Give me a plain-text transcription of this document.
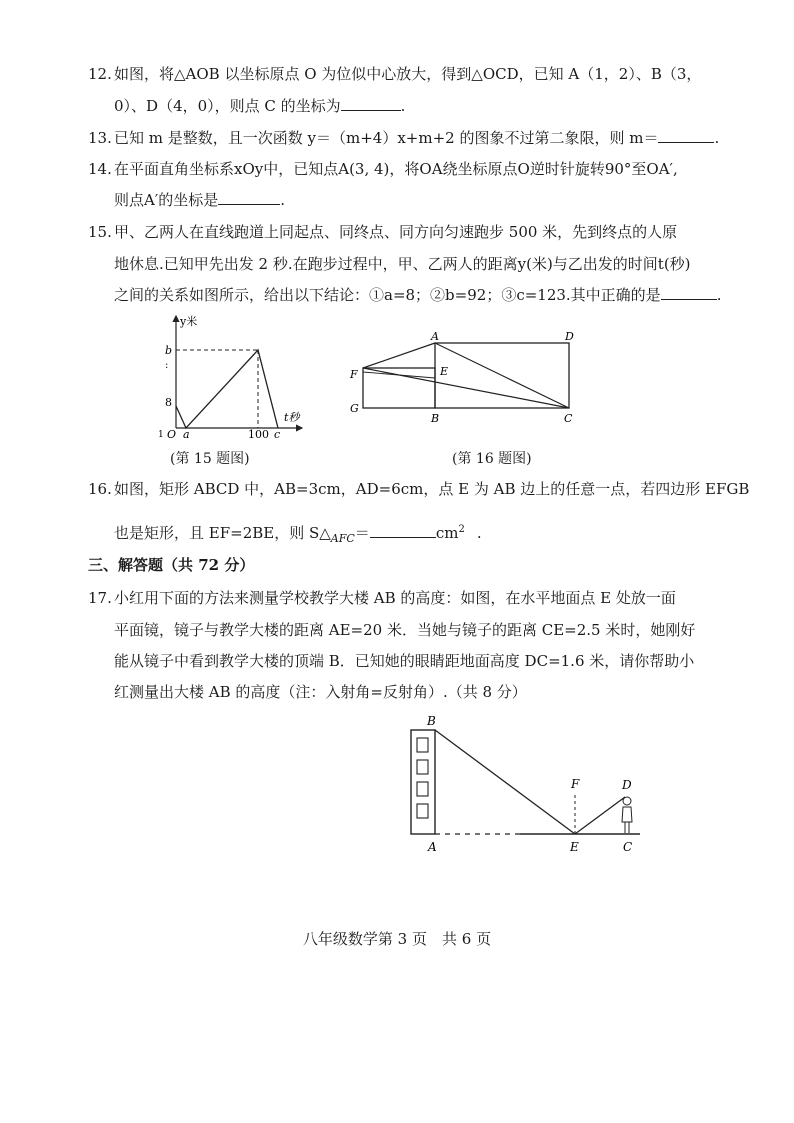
12. 如图，将△AOB 以坐标原点 O 为位似中心放大，得到△OCD，已知 A（1，2）、B（3，
0）、D（4，0），则点 C 的坐标为	.
13. 已知 m 是整数，且一次函数 y＝（m+4）x+m+2 的图象不过第二象限，则 m＝	.
14. 在平面直角坐标系xOy中，已知点A(3, 4)，将OA绕坐标原点O逆时针旋转90°至OA′,
则点A′的坐标是	.
15. 甲、乙两人在直线跑道上同起点、同终点、同方向匀速跑步 500 米，先到终点的人原
地休息.已知甲先出发 2 秒.在跑步过程中，甲、乙两人的距离y(米)与乙出发的时间t(秒)
之间的关系如图所示，给出以下结论：①a=8；②b=92；③c=123.其中正确的是	.
y米
t秒
b
:
8
1 O a	100 c
(第 15 题图)
A	D
F	E
G
B	C
(第 16 题图)
16. 如图，矩形 ABCD 中，AB=3cm，AD=6cm，点 E 为 AB 边上的任意一点，若四边形 EFGB
也是矩形，且 EF=2BE，则 $S\triangle_{AFC}=$	$cm^2$ .
三、解答题（共 72 分）
17. 小红用下面的方法来测量学校教学大楼 AB 的高度：如图，在水平地面点 E 处放一面
平面镜，镜子与教学大楼的距离 AE=20 米．当她与镜子的距离 CE=2.5 米时，她刚好
能从镜子中看到教学大楼的顶端 B．已知她的眼睛距地面高度 DC=1.6 米，请你帮助小
红测量出大楼 AB 的高度（注：入射角=反射角）.（共 8 分）
B
F	D
A	E	C
八年级数学第 3 页　共 6 页
